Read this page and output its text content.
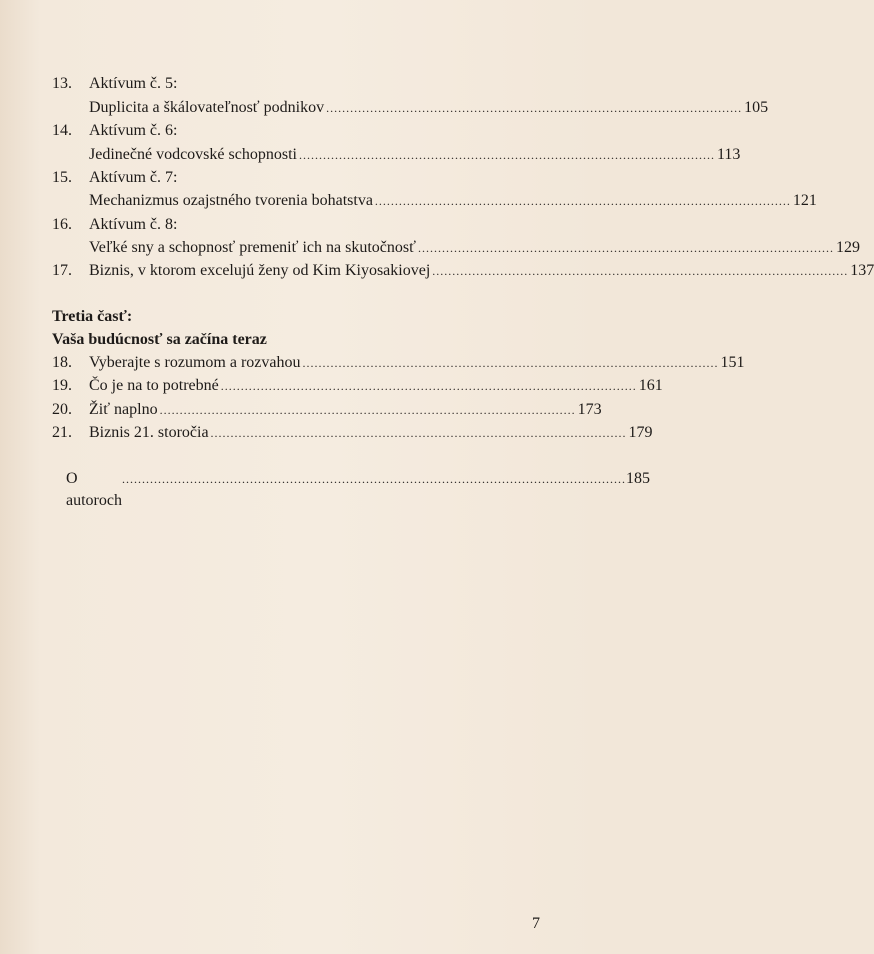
13.	Aktívum č. 5:
Duplicita a škálovateľnosť podnikov ........................................................................................................ 105
14.	Aktívum č. 6:
Jedinečné vodcovské schopnosti ........................................................................................................ 113
15.	Aktívum č. 7:
Mechanizmus ozajstného tvorenia bohatstva ........................................................................................................ 121
16.	Aktívum č. 8:
Veľké sny a schopnosť premeniť ich na skutočnosť ........................................................................................................ 129
17.	Biznis, v ktorom excelujú ženy od Kim Kiyosakiovej ........................................................................................................ 137
Tretia časť:
Vaša budúcnosť sa začína teraz
18.	Vyberajte s rozumom a rozvahou ........................................................................................................ 151
19.	Čo je na to potrebné ........................................................................................................ 161
20.	Žiť naplno ........................................................................................................ 173
21.	Biznis 21. storočia ........................................................................................................ 179
O autoroch
.............................................................................................................................. 185
7
